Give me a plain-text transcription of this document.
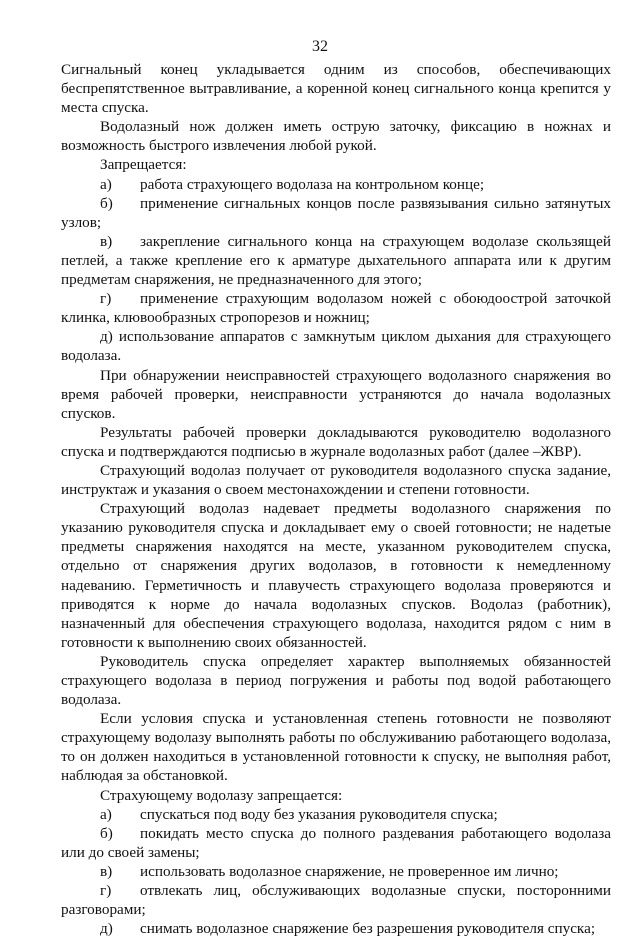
32

Сигнальный конец укладывается одним из способов, обеспечивающих беспрепятственное вытравливание, а коренной конец сигнального конца крепится у места спуска.

Водолазный нож должен иметь острую заточку, фиксацию в ножнах и возможность быстрого извлечения любой рукой.

Запрещается:

а) работа страхующего водолаза на контрольном конце;

б) применение сигнальных концов после развязывания сильно затянутых узлов;

в) закрепление сигнального конца на страхующем водолазе скользящей петлей, а также крепление его к арматуре дыхательного аппарата или к другим предметам снаряжения, не предназначенного для этого;

г) применение страхующим водолазом ножей с обоюдоострой заточкой клинка, клювообразных стропорезов и ножниц;

д) использование аппаратов с замкнутым циклом дыхания для страхующего водолаза.

При обнаружении неисправностей страхующего водолазного снаряжения во время рабочей проверки, неисправности устраняются до начала водолазных спусков.

Результаты рабочей проверки докладываются руководителю водолазного спуска и подтверждаются подписью в журнале водолазных работ (далее –ЖВР).

Страхующий водолаз получает от руководителя водолазного спуска задание, инструктаж и указания о своем местонахождении и степени готовности.

Страхующий водолаз надевает предметы водолазного снаряжения по указанию руководителя спуска и докладывает ему о своей готовности; не надетые предметы снаряжения находятся на месте, указанном руководителем спуска, отдельно от снаряжения других водолазов, в готовности к немедленному надеванию. Герметичность и плавучесть страхующего водолаза проверяются и приводятся к норме до начала водолазных спусков. Водолаз (работник), назначенный для обеспечения страхующего водолаза, находится рядом с ним в готовности к выполнению своих обязанностей.

Руководитель спуска определяет характер выполняемых обязанностей страхующего водолаза в период погружения и работы под водой работающего водолаза.

Если условия спуска и установленная степень готовности не позволяют страхующему водолазу выполнять работы по обслуживанию работающего водолаза, то он должен находиться в установленной готовности к спуску, не выполняя работ, наблюдая за обстановкой.

Страхующему водолазу запрещается:

а) спускаться под воду без указания руководителя спуска;

б) покидать место спуска до полного раздевания работающего водолаза или до своей замены;

в) использовать водолазное снаряжение, не проверенное им лично;

г) отвлекать лиц, обслуживающих водолазные спуски, посторонними разговорами;

д) снимать водолазное снаряжение без разрешения руководителя спуска;
